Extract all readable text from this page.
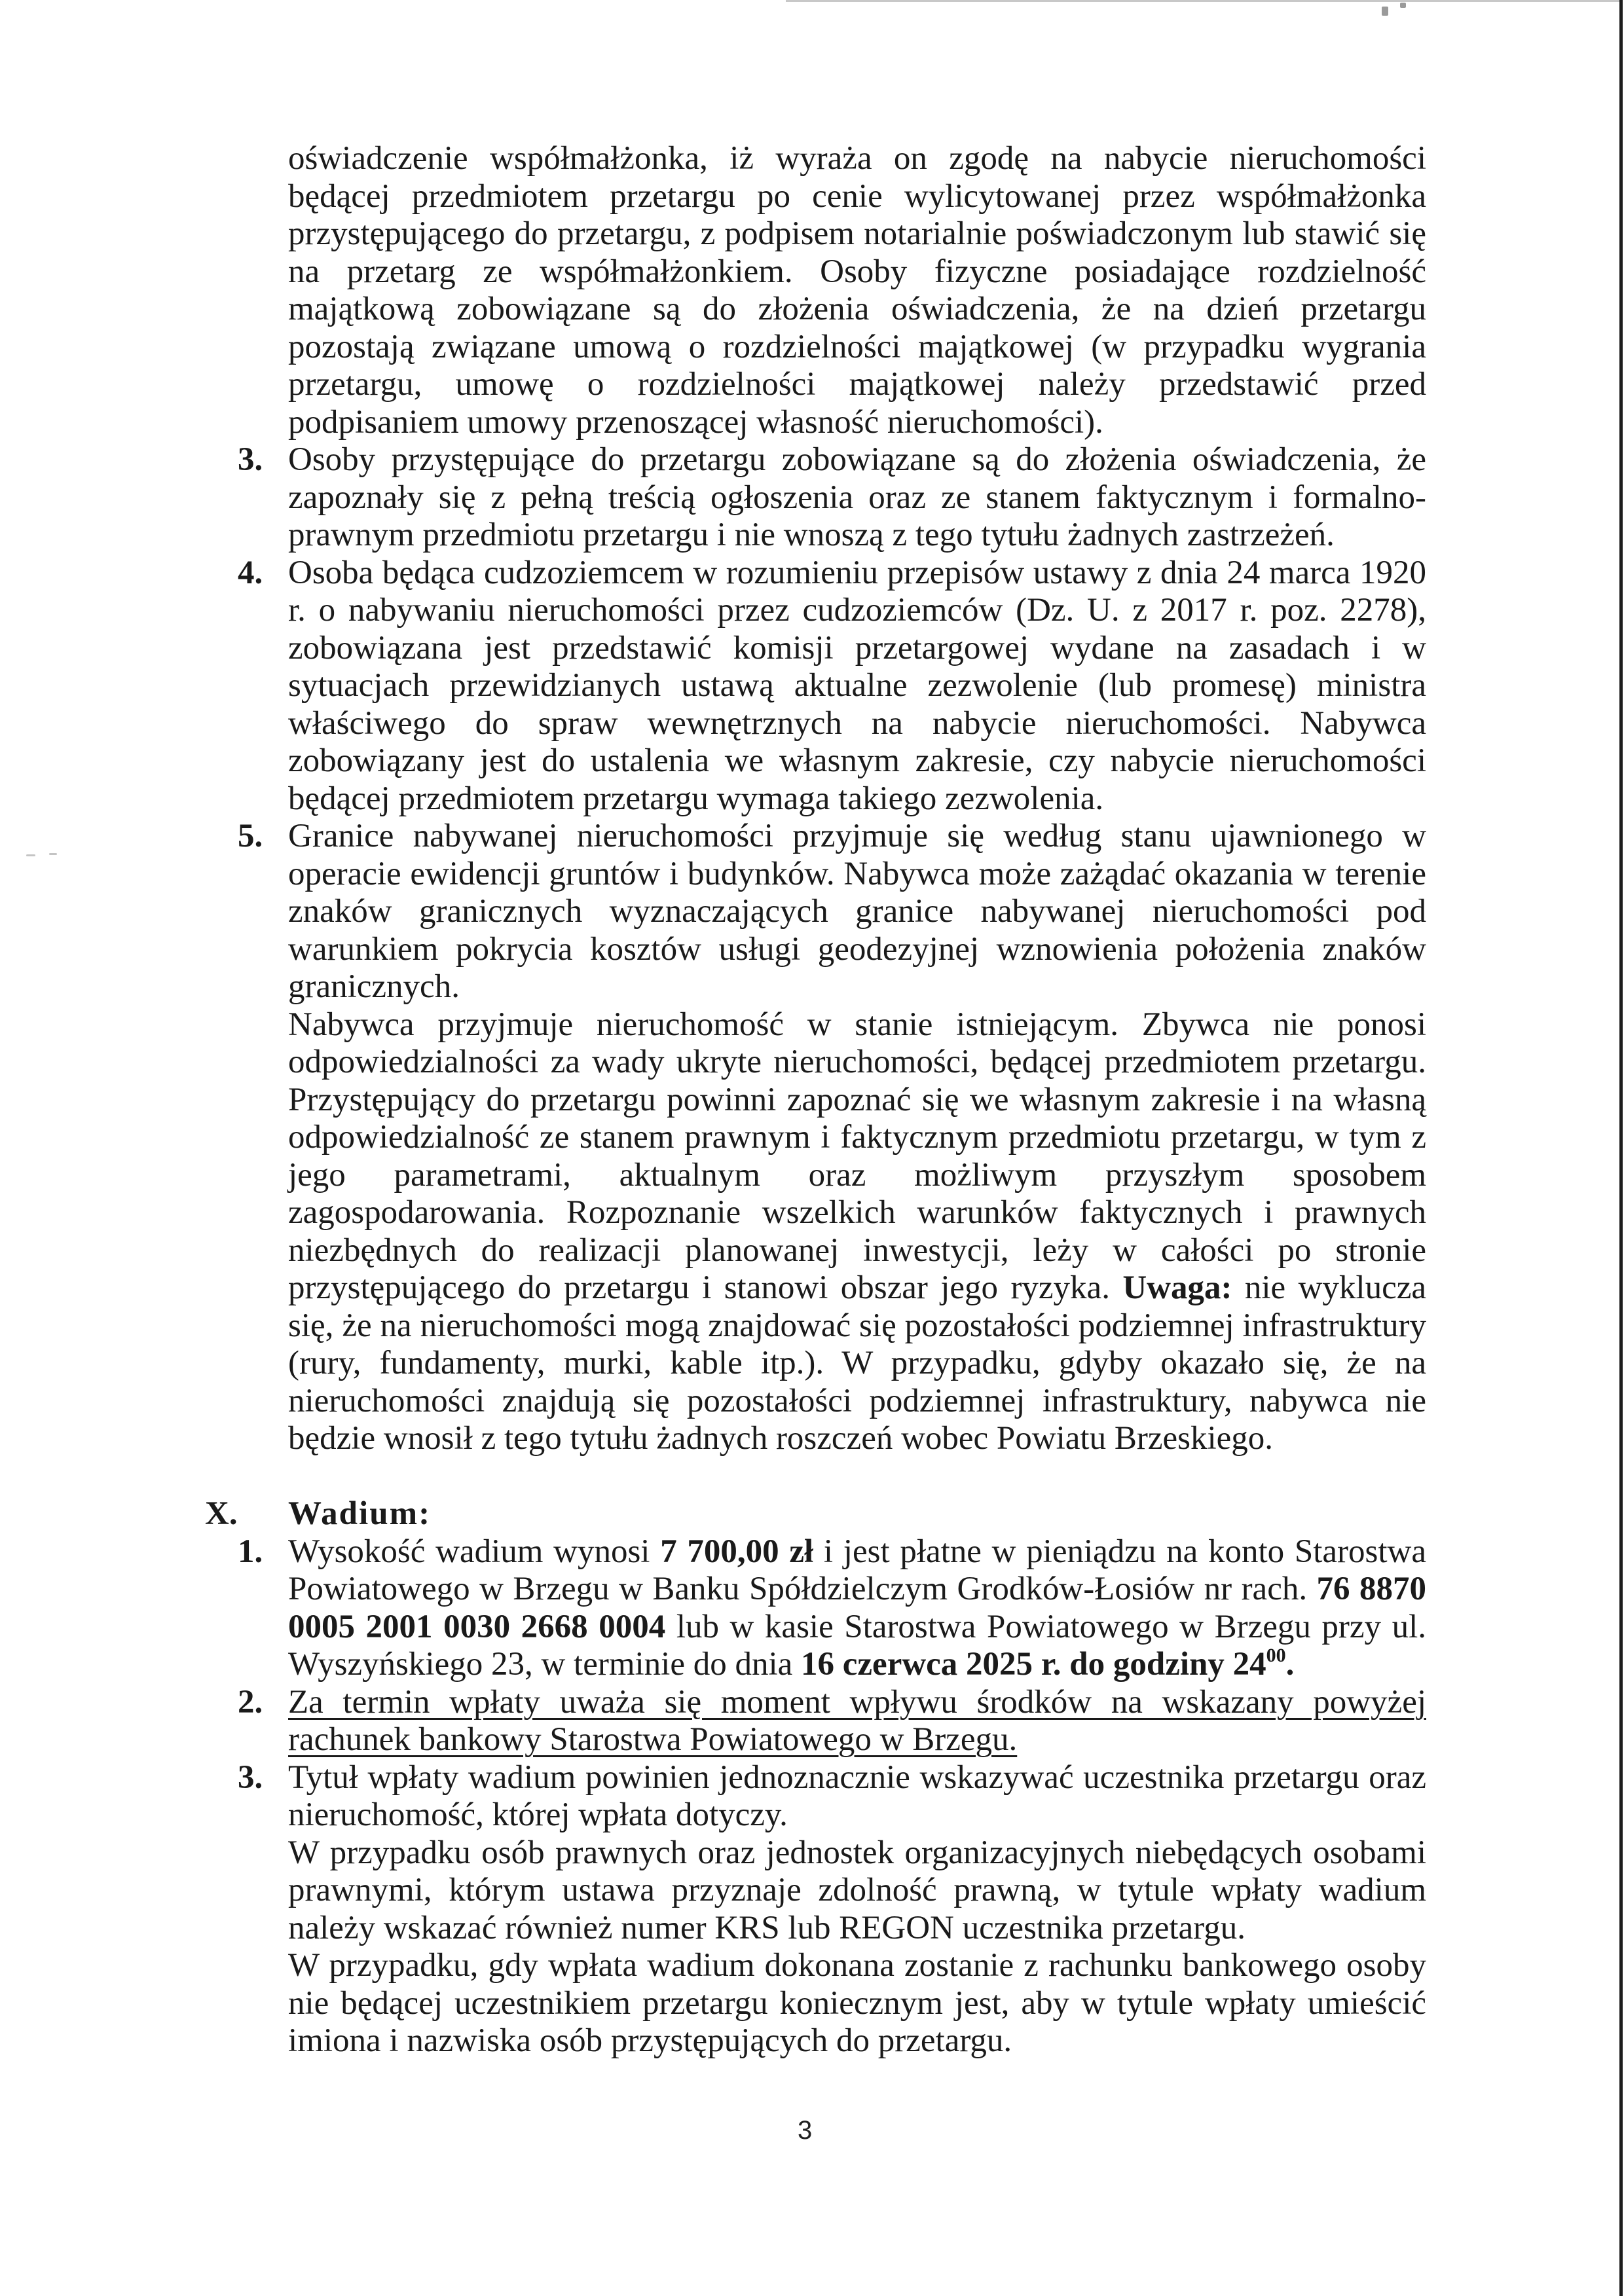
oświadczenie współmałżonka, iż wyraża on zgodę na nabycie nieruchomości będącej przedmiotem przetargu po cenie wylicytowanej przez współmałżonka przystępującego do przetargu, z podpisem notarialnie poświadczonym lub stawić się na przetarg ze współmałżonkiem. Osoby fizyczne posiadające rozdzielność majątkową zobowiązane są do złożenia oświadczenia, że na dzień przetargu pozostają związane umową o rozdzielności majątkowej (w przypadku wygrania przetargu, umowę o rozdzielności majątkowej należy przedstawić przed podpisaniem umowy przenoszącej własność nieruchomości).

3. Osoby przystępujące do przetargu zobowiązane są do złożenia oświadczenia, że zapoznały się z pełną treścią ogłoszenia oraz ze stanem faktycznym i formalno-prawnym przedmiotu przetargu i nie wnoszą z tego tytułu żadnych zastrzeżeń.

4. Osoba będąca cudzoziemcem w rozumieniu przepisów ustawy z dnia 24 marca 1920 r. o nabywaniu nieruchomości przez cudzoziemców (Dz. U. z 2017 r. poz. 2278), zobowiązana jest przedstawić komisji przetargowej wydane na zasadach i w sytuacjach przewidzianych ustawą aktualne zezwolenie (lub promesę) ministra właściwego do spraw wewnętrznych na nabycie nieruchomości. Nabywca zobowiązany jest do ustalenia we własnym zakresie, czy nabycie nieruchomości będącej przedmiotem przetargu wymaga takiego zezwolenia.

5. Granice nabywanej nieruchomości przyjmuje się według stanu ujawnionego w operacie ewidencji gruntów i budynków. Nabywca może zażądać okazania w terenie znaków granicznych wyznaczających granice nabywanej nieruchomości pod warunkiem pokrycia kosztów usługi geodezyjnej wznowienia położenia znaków granicznych.

Nabywca przyjmuje nieruchomość w stanie istniejącym. Zbywca nie ponosi odpowiedzialności za wady ukryte nieruchomości, będącej przedmiotem przetargu. Przystępujący do przetargu powinni zapoznać się we własnym zakresie i na własną odpowiedzialność ze stanem prawnym i faktycznym przedmiotu przetargu, w tym z jego parametrami, aktualnym oraz możliwym przyszłym sposobem zagospodarowania. Rozpoznanie wszelkich warunków faktycznych i prawnych niezbędnych do realizacji planowanej inwestycji, leży w całości po stronie przystępującego do przetargu i stanowi obszar jego ryzyka. Uwaga: nie wyklucza się, że na nieruchomości mogą znajdować się pozostałości podziemnej infrastruktury (rury, fundamenty, murki, kable itp.). W przypadku, gdyby okazało się, że na nieruchomości znajdują się pozostałości podziemnej infrastruktury, nabywca nie będzie wnosił z tego tytułu żadnych roszczeń wobec Powiatu Brzeskiego.

X. Wadium:
1. Wysokość wadium wynosi 7 700,00 zł i jest płatne w pieniądzu na konto Starostwa Powiatowego w Brzegu w Banku Spółdzielczym Grodków-Łosiów nr rach. 76 8870 0005 2001 0030 2668 0004 lub w kasie Starostwa Powiatowego w Brzegu przy ul. Wyszyńskiego 23, w terminie do dnia 16 czerwca 2025 r. do godziny $24^{00}$.

2. Za termin wpłaty uważa się moment wpływu środków na wskazany powyżej rachunek bankowy Starostwa Powiatowego w Brzegu.

3. Tytuł wpłaty wadium powinien jednoznacznie wskazywać uczestnika przetargu oraz nieruchomość, której wpłata dotyczy.

W przypadku osób prawnych oraz jednostek organizacyjnych niebędących osobami prawnymi, którym ustawa przyznaje zdolność prawną, w tytule wpłaty wadium należy wskazać również numer KRS lub REGON uczestnika przetargu.

W przypadku, gdy wpłata wadium dokonana zostanie z rachunku bankowego osoby nie będącej uczestnikiem przetargu koniecznym jest, aby w tytule wpłaty umieścić imiona i nazwiska osób przystępujących do przetargu.

3
